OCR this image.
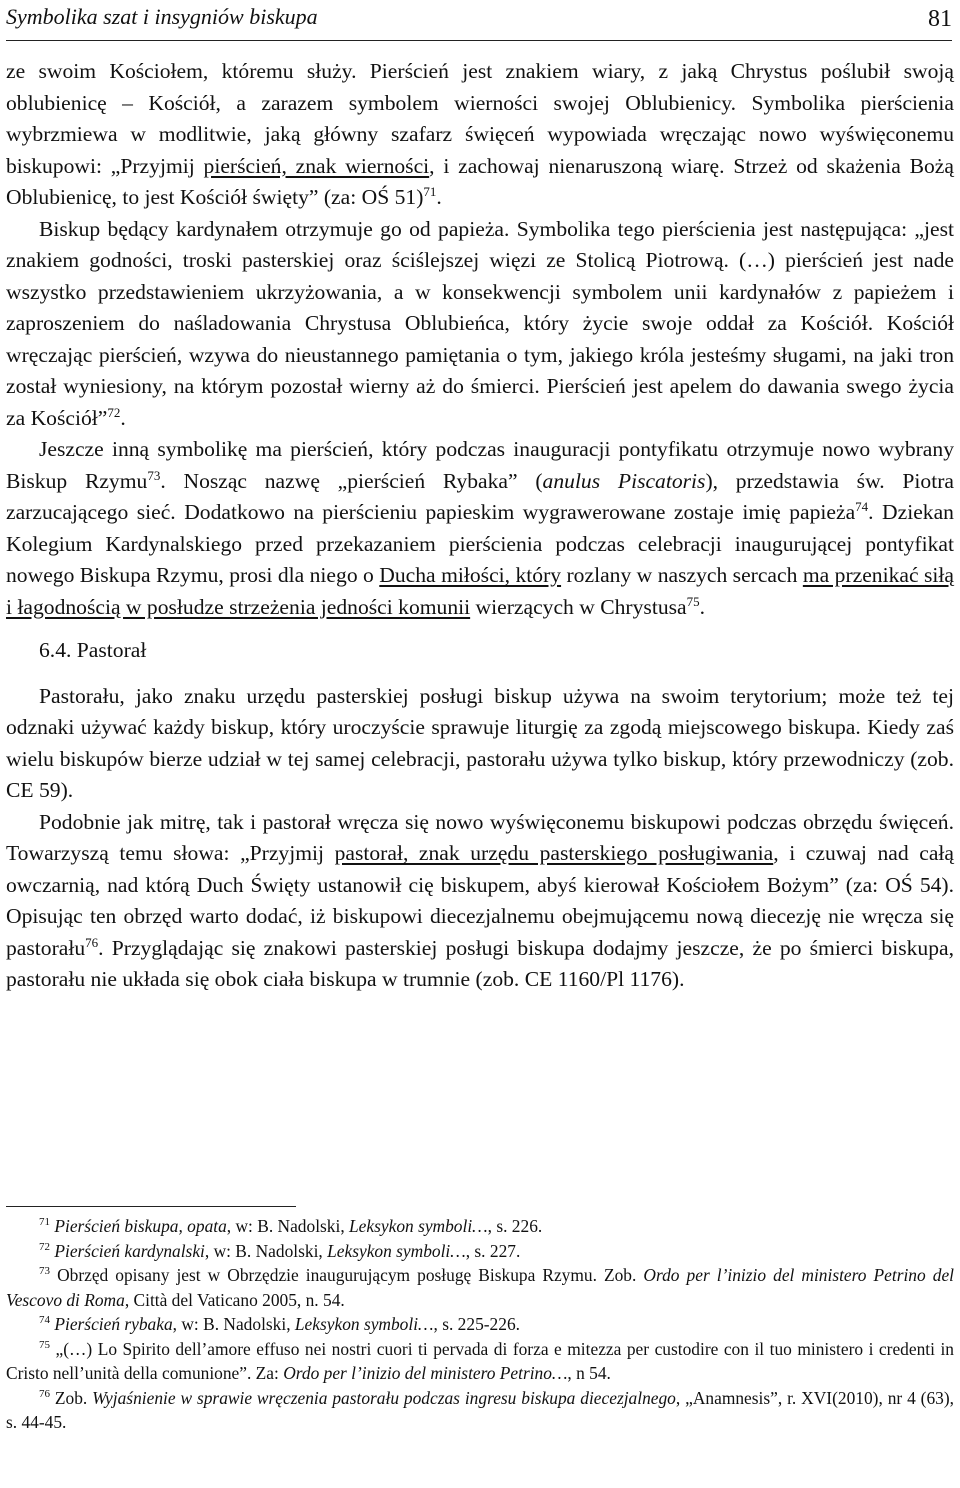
Symbolika szat i insygniów biskupa	81

ze swoim Kościołem, któremu służy. Pierścień jest znakiem wiary, z jaką Chrystus poślubił swoją oblubienicę – Kościół, a zarazem symbolem wierności swojej Oblubienicy. Symbolika pierścienia wybrzmiewa w modlitwie, jaką główny szafarz święceń wypowiada wręczając nowo wyświęconemu biskupowi: „Przyjmij pierścień, znak wierności, i zachowaj nienaruszoną wiarę. Strzeż od skażenia Bożą Oblubienicę, to jest Kościół święty” (za: OŚ 51)$^{71}$.

Biskup będący kardynałem otrzymuje go od papieża. Symbolika tego pierścienia jest następująca: „jest znakiem godności, troski pasterskiej oraz ściślejszej więzi ze Stolicą Piotrową. (…) pierścień jest nade wszystko przedstawieniem ukrzyżowania, a w konsekwencji symbolem unii kardynałów z papieżem i zaproszeniem do naśladowania Chrystusa Oblubieńca, który życie swoje oddał za Kościół. Kościół wręczając pierścień, wzywa do nieustannego pamiętania o tym, jakiego króla jesteśmy sługami, na jaki tron został wyniesiony, na którym pozostał wierny aż do śmierci. Pierścień jest apelem do dawania swego życia za Kościół”$^{72}$.

Jeszcze inną symbolikę ma pierścień, który podczas inauguracji pontyfikatu otrzymuje nowo wybrany Biskup Rzymu$^{73}$. Nosząc nazwę „pierścień Rybaka” (anulus Piscatoris), przedstawia św. Piotra zarzucającego sieć. Dodatkowo na pierścieniu papieskim wygrawerowane zostaje imię papieża$^{74}$. Dziekan Kolegium Kardynalskiego przed przekazaniem pierścienia podczas celebracji inaugurującej pontyfikat nowego Biskupa Rzymu, prosi dla niego o Ducha miłości, który rozlany w naszych sercach ma przenikać siłą i łagodnością w posłudze strzeżenia jedności komunii wierzących w Chrystusa$^{75}$.

6.4. Pastorał

Pastorału, jako znaku urzędu pasterskiej posługi biskup używa na swoim terytorium; może też tej odznaki używać każdy biskup, który uroczyście sprawuje liturgię za zgodą miejscowego biskupa. Kiedy zaś wielu biskupów bierze udział w tej samej celebracji, pastorału używa tylko biskup, który przewodniczy (zob. CE 59).

Podobnie jak mitrę, tak i pastorał wręcza się nowo wyświęconemu biskupowi podczas obrzędu święceń. Towarzyszą temu słowa: „Przyjmij pastorał, znak urzędu pasterskiego posługiwania, i czuwaj nad całą owczarnią, nad którą Duch Święty ustanowił cię biskupem, abyś kierował Kościołem Bożym” (za: OŚ 54). Opisując ten obrzęd warto dodać, iż biskupowi diecezjalnemu obejmującemu nową diecezję nie wręcza się pastorału$^{76}$. Przyglądając się znakowi pasterskiej posługi biskupa dodajmy jeszcze, że po śmierci biskupa, pastorału nie układa się obok ciała biskupa w trumnie (zob. CE 1160/Pl 1176).

$^{71}$ Pierścień biskupa, opata, w: B. Nadolski, Leksykon symboli…, s. 226.

$^{72}$ Pierścień kardynalski, w: B. Nadolski, Leksykon symboli…, s. 227.

$^{73}$ Obrzęd opisany jest w Obrzędzie inaugurującym posługę Biskupa Rzymu. Zob. Ordo per l’inizio del ministero Petrino del Vescovo di Roma, Città del Vaticano 2005, n. 54.

$^{74}$ Pierścień rybaka, w: B. Nadolski, Leksykon symboli…, s. 225-226.

$^{75}$ „(…) Lo Spirito dell’amore effuso nei nostri cuori ti pervada di forza e mitezza per custodire con il tuo ministero i credenti in Cristo nell’unità della comunione”. Za: Ordo per l’inizio del ministero Petrino…, n 54.

$^{76}$ Zob. Wyjaśnienie w sprawie wręczenia pastorału podczas ingresu biskupa diecezjalnego, „Anamnesis”, r. XVI(2010), nr 4 (63), s. 44-45.
